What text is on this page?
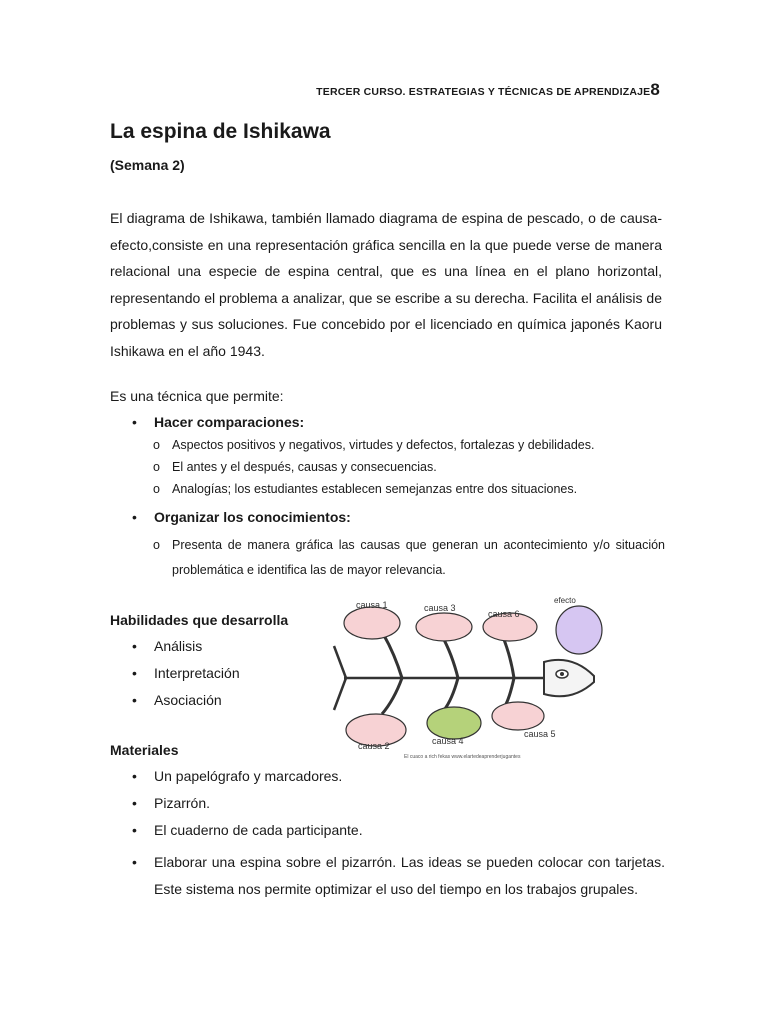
TERCER CURSO. ESTRATEGIAS Y TÉCNICAS DE APRENDIZAJE8
La espina de Ishikawa
(Semana 2)

El diagrama de Ishikawa, también llamado diagrama de espina de pescado, o de causa-efecto,consiste en una representación gráfica sencilla en la que puede verse de manera relacional una especie de espina central, que es una línea en el plano horizontal, representando el problema a analizar, que se escribe a su derecha. Facilita el análisis de problemas y sus soluciones. Fue concebido por el licenciado en química japonés Kaoru Ishikawa en el año 1943.

Es una técnica que permite:
• Hacer comparaciones:
o Aspectos positivos y negativos, virtudes y defectos, fortalezas y debilidades.
o El antes y el después, causas y consecuencias.
o Analogías; los estudiantes establecen semejanzas entre dos situaciones.
• Organizar los conocimientos:
o Presenta de manera gráfica las causas que generan un acontecimiento y/o situación problemática e identifica las de mayor relevancia.
Habilidades que desarrolla
• Análisis
• Interpretación
• Asociación
Materiales
• Un papelógrafo y marcadores.
• Pizarrón.
• El cuaderno de cada participante.
• Elaborar una espina sobre el pizarrón. Las ideas se pueden colocar con tarjetas. Este sistema nos permite optimizar el uso del tiempo en los trabajos grupales.
causa 1	causa 3
causa 6
efecto
causa 2	causa 4
causa 5
El cuaco a rich fekas www.elartedeaprenderjugantes
